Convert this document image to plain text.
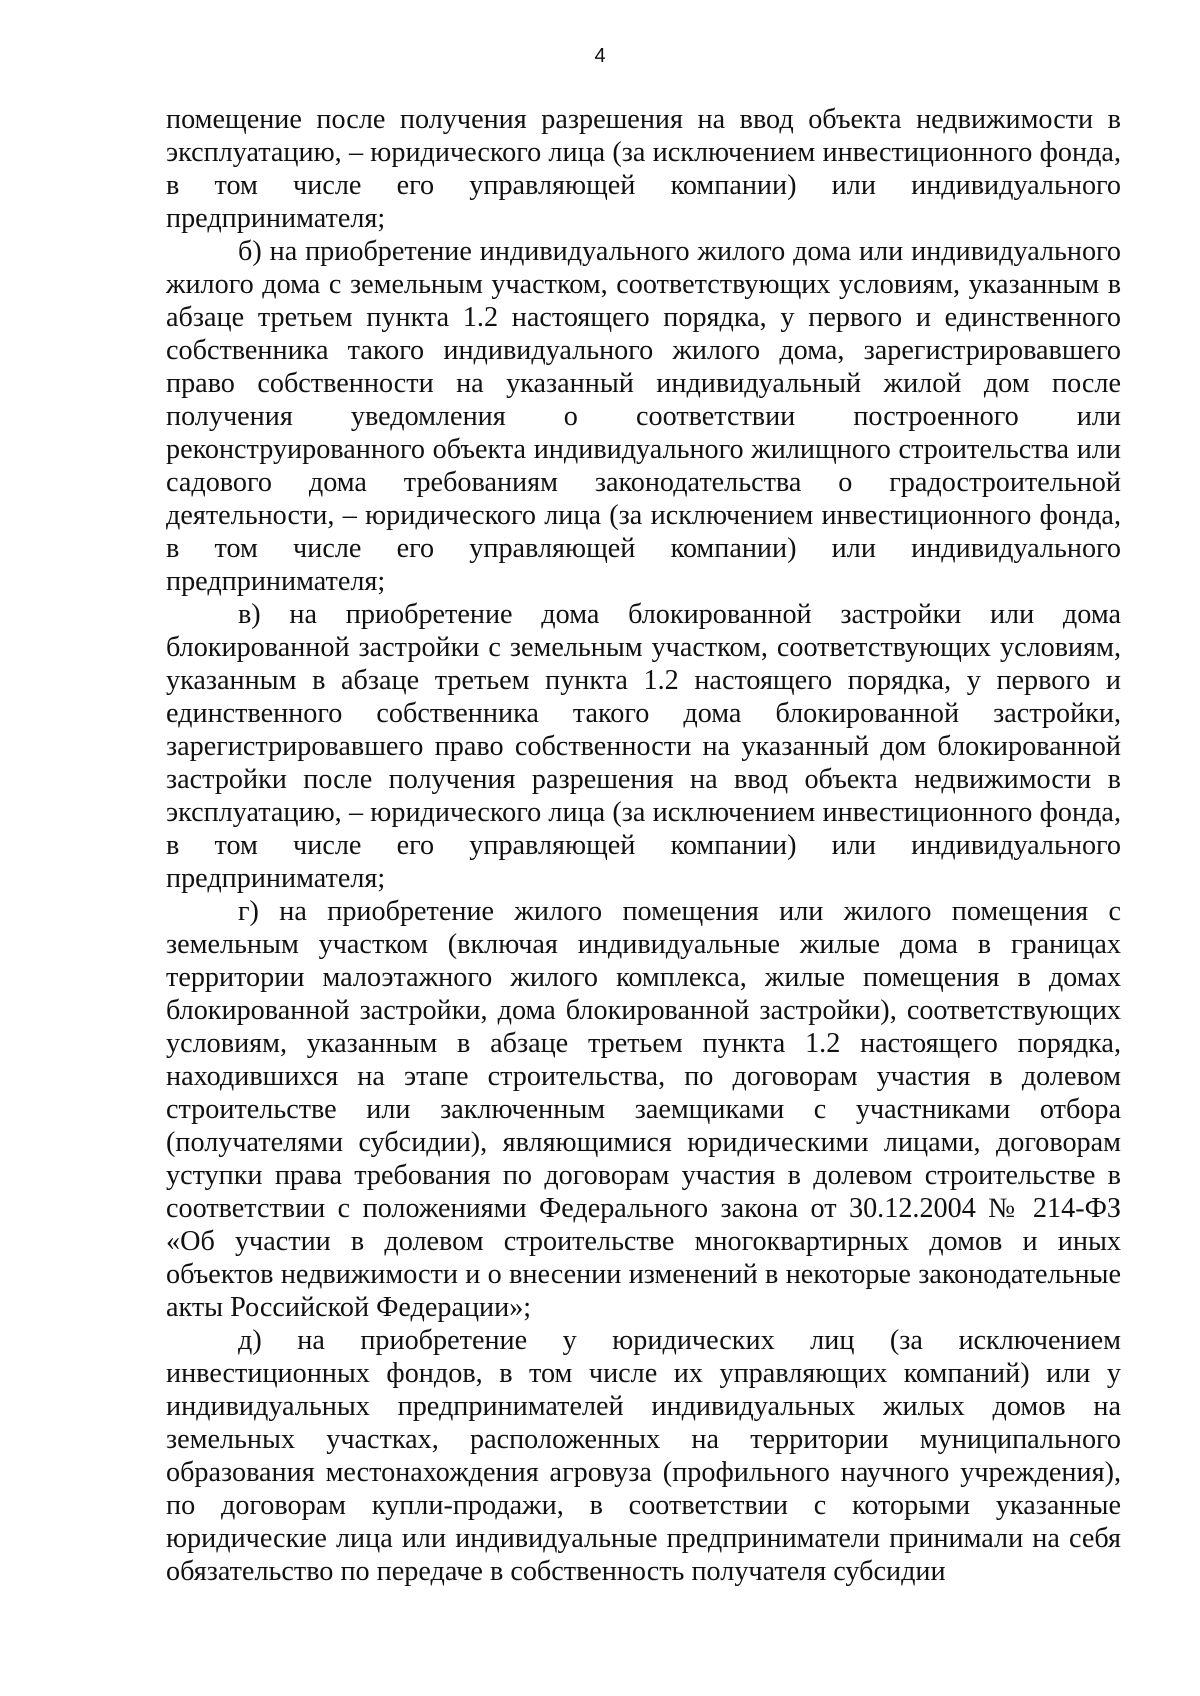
4

помещение после получения разрешения на ввод объекта недвижимости в эксплуатацию, – юридического лица (за исключением инвестиционного фонда, в том числе его управляющей компании) или индивидуального предпринимателя;

б) на приобретение индивидуального жилого дома или индивидуального жилого дома с земельным участком, соответствующих условиям, указанным в абзаце третьем пункта 1.2 настоящего порядка, у первого и единственного собственника такого индивидуального жилого дома, зарегистрировавшего право собственности на указанный индивидуальный жилой дом после получения уведомления о соответствии построенного или реконструированного объекта индивидуального жилищного строительства или садового дома требованиям законодательства о градостроительной деятельности, – юридического лица (за исключением инвестиционного фонда, в том числе его управляющей компании) или индивидуального предпринимателя;

в) на приобретение дома блокированной застройки или дома блокированной застройки с земельным участком, соответствующих условиям, указанным в абзаце третьем пункта 1.2 настоящего порядка, у первого и единственного собственника такого дома блокированной застройки, зарегистрировавшего право собственности на указанный дом блокированной застройки после получения разрешения на ввод объекта недвижимости в эксплуатацию, – юридического лица (за исключением инвестиционного фонда, в том числе его управляющей компании) или индивидуального предпринимателя;

г) на приобретение жилого помещения или жилого помещения с земельным участком (включая индивидуальные жилые дома в границах территории малоэтажного жилого комплекса, жилые помещения в домах блокированной застройки, дома блокированной застройки), соответствующих условиям, указанным в абзаце третьем пункта 1.2 настоящего порядка, находившихся на этапе строительства, по договорам участия в долевом строительстве или заключенным заемщиками с участниками отбора (получателями субсидии), являющимися юридическими лицами, договорам уступки права требования по договорам участия в долевом строительстве в соответствии с положениями Федерального закона от 30.12.2004 № 214-ФЗ «Об участии в долевом строительстве многоквартирных домов и иных объектов недвижимости и о внесении изменений в некоторые законодательные акты Российской Федерации»;

д) на приобретение у юридических лиц (за исключением инвестиционных фондов, в том числе их управляющих компаний) или у индивидуальных предпринимателей индивидуальных жилых домов на земельных участках, расположенных на территории муниципального образования местонахождения агровуза (профильного научного учреждения), по договорам купли-продажи, в соответствии с которыми указанные юридические лица или индивидуальные предприниматели принимали на себя обязательство по передаче в собственность получателя субсидии
